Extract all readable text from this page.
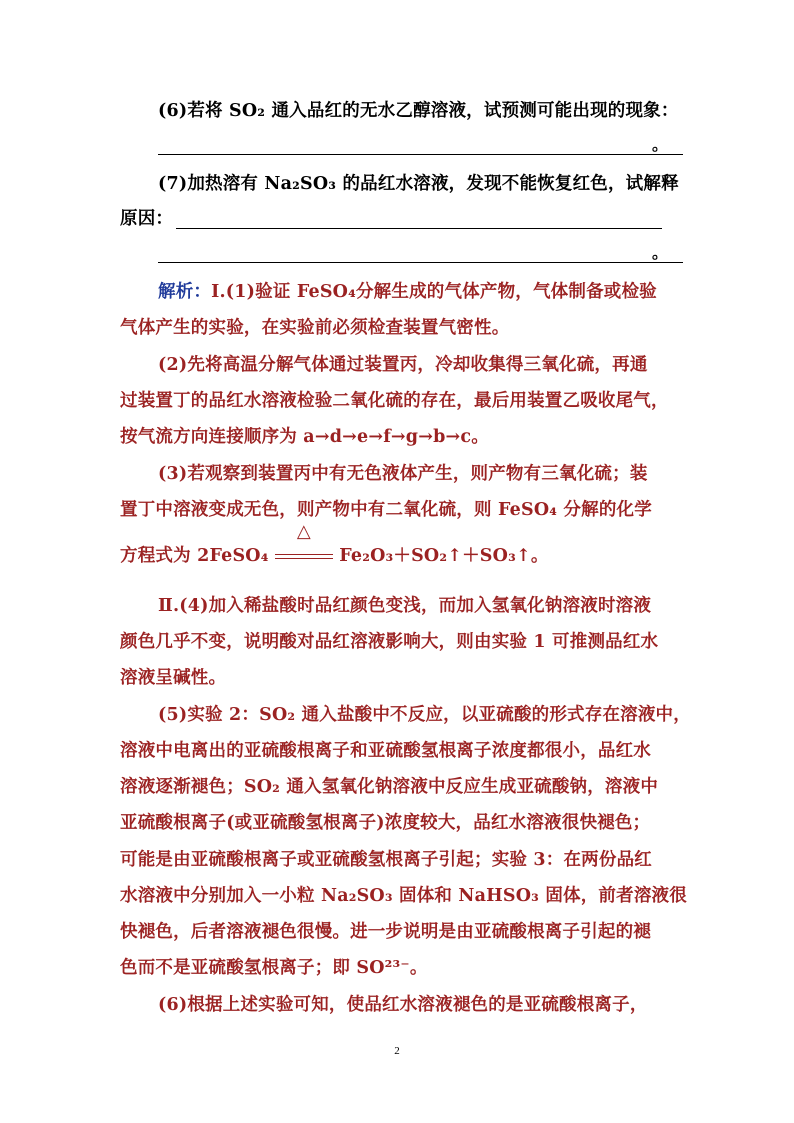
(6)若将 SO₂ 通入品红的无水乙醇溶液，试预测可能出现的现象：
。
(7)加热溶有 Na₂SO₃ 的品红水溶液，发现不能恢复红色，试解释
原因：
。
解析：Ⅰ.(1)验证 FeSO₄分解生成的气体产物，气体制备或检验
气体产生的实验，在实验前必须检查装置气密性。
(2)先将高温分解气体通过装置丙，冷却收集得三氧化硫，再通
过装置丁的品红水溶液检验二氧化硫的存在，最后用装置乙吸收尾气，
按气流方向连接顺序为 a→d→e→f→g→b→c。
(3)若观察到装置丙中有无色液体产生，则产物有三氧化硫；装
置丁中溶液变成无色，则产物中有二氧化硫，则 FeSO₄ 分解的化学
方程式为 2FeSO₄
△
Fe₂O₃＋SO₂↑＋SO₃↑。
Ⅱ.(4)加入稀盐酸时品红颜色变浅，而加入氢氧化钠溶液时溶液
颜色几乎不变，说明酸对品红溶液影响大，则由实验 1 可推测品红水
溶液呈碱性。
(5)实验 2：SO₂ 通入盐酸中不反应，以亚硫酸的形式存在溶液中，
溶液中电离出的亚硫酸根离子和亚硫酸氢根离子浓度都很小，品红水
溶液逐渐褪色；SO₂ 通入氢氧化钠溶液中反应生成亚硫酸钠，溶液中
亚硫酸根离子(或亚硫酸氢根离子)浓度较大，品红水溶液很快褪色；
可能是由亚硫酸根离子或亚硫酸氢根离子引起；实验 3：在两份品红
水溶液中分别加入一小粒 Na₂SO₃ 固体和 NaHSO₃ 固体，前者溶液很
快褪色，后者溶液褪色很慢。进一步说明是由亚硫酸根离子引起的褪
色而不是亚硫酸氢根离子；即 SO²³⁻。
(6)根据上述实验可知，使品红水溶液褪色的是亚硫酸根离子，
2
